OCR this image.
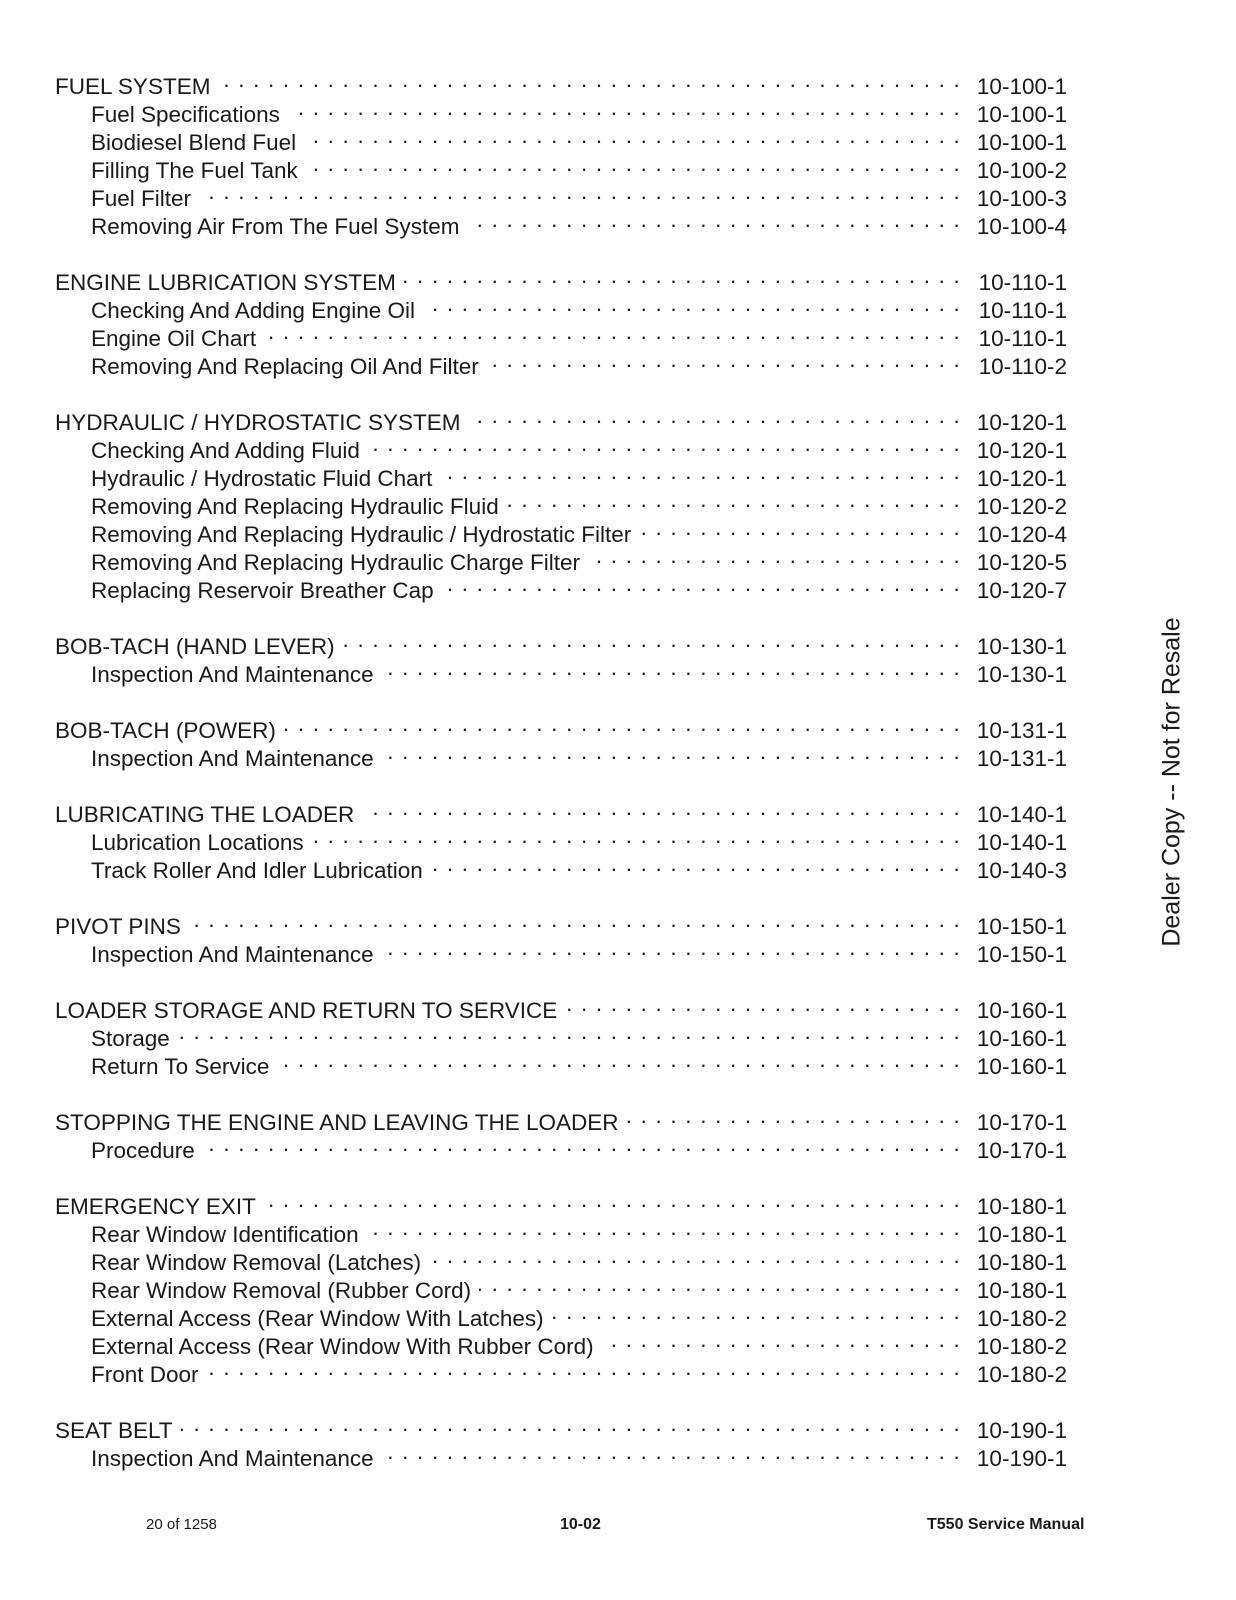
FUEL SYSTEM . . .	10-100-1
Fuel Specifications . . .	10-100-1
Biodiesel Blend Fuel . . .	10-100-1
Filling The Fuel Tank . . .	10-100-2
Fuel Filter . . .	10-100-3
Removing Air From The Fuel System . . .	10-100-4
ENGINE LUBRICATION SYSTEM . . .	10-110-1
Checking And Adding Engine Oil . . .	10-110-1
Engine Oil Chart . . .	10-110-1
Removing And Replacing Oil And Filter . . .	10-110-2
HYDRAULIC / HYDROSTATIC SYSTEM . . .	10-120-1
Checking And Adding Fluid . . .	10-120-1
Hydraulic / Hydrostatic Fluid Chart . . .	10-120-1
Removing And Replacing Hydraulic Fluid . . .	10-120-2
Removing And Replacing Hydraulic / Hydrostatic Filter . . .	10-120-4
Removing And Replacing Hydraulic Charge Filter . . .	10-120-5
Replacing Reservoir Breather Cap . . .	10-120-7
BOB-TACH (HAND LEVER) . . .	10-130-1
Inspection And Maintenance . . .	10-130-1
BOB-TACH (POWER) . . .	10-131-1
Inspection And Maintenance . . .	10-131-1
LUBRICATING THE LOADER . . .	10-140-1
Lubrication Locations . . .	10-140-1
Track Roller And Idler Lubrication . . .	10-140-3
PIVOT PINS . . .	10-150-1
Inspection And Maintenance . . .	10-150-1
LOADER STORAGE AND RETURN TO SERVICE . . .	10-160-1
Storage . . .	10-160-1
Return To Service . . .	10-160-1
STOPPING THE ENGINE AND LEAVING THE LOADER . . .	10-170-1
Procedure . . .	10-170-1
EMERGENCY EXIT . . .	10-180-1
Rear Window Identification . . .	10-180-1
Rear Window Removal (Latches) . . .	10-180-1
Rear Window Removal (Rubber Cord) . . .	10-180-1
External Access (Rear Window With Latches) . . .	10-180-2
External Access (Rear Window With Rubber Cord) . . .	10-180-2
Front Door . . .	10-180-2
SEAT BELT . . .	10-190-1
Inspection And Maintenance . . .	10-190-1
Dealer Copy -- Not for Resale
20 of 1258	10-02	T550 Service Manual
